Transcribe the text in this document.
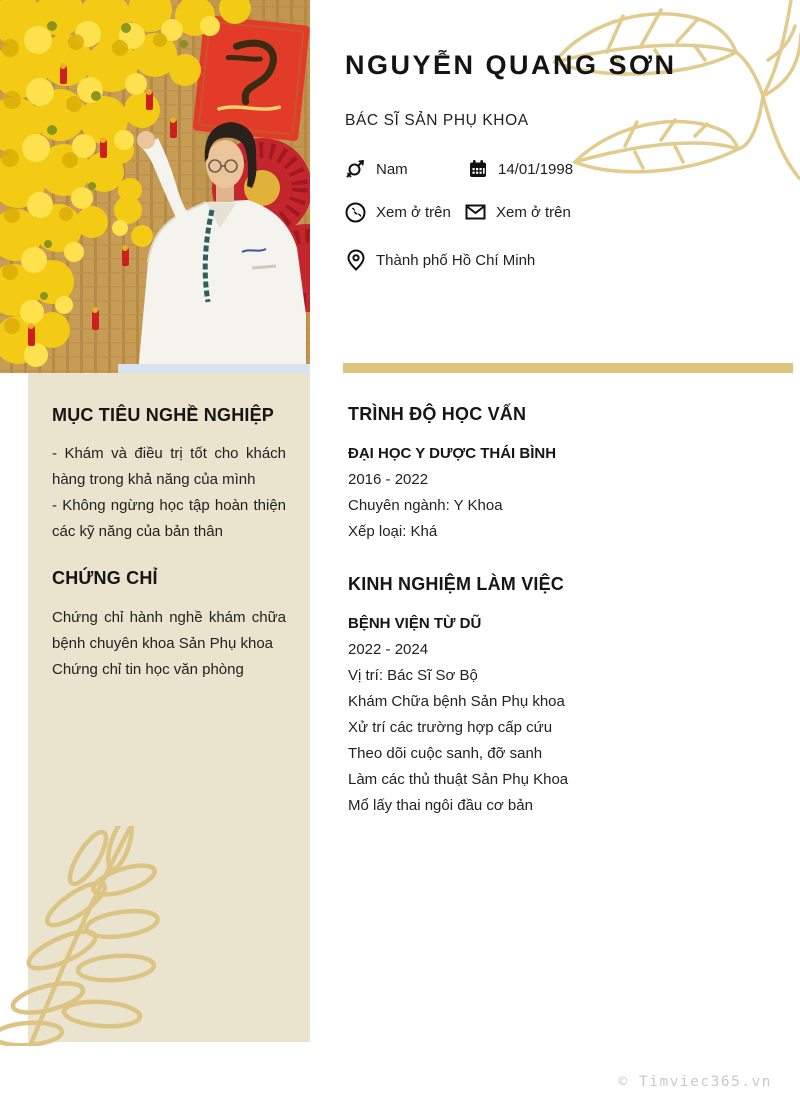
NGUYỄN QUANG SƠN
BÁC SĨ SẢN PHỤ KHOA
Nam	14/01/1998
Xem ở trên	Xem ở trên
Thành phố Hồ Chí Minh
MỤC TIÊU NGHỀ NGHIỆP
- Khám và điều trị tốt cho khách hàng trong khả năng của mình
- Không ngừng học tập hoàn thiện các kỹ năng của bản thân
CHỨNG CHỈ
Chứng chỉ hành nghề khám chữa bệnh chuyên khoa Sản Phụ khoa
Chứng chỉ tin học văn phòng
TRÌNH ĐỘ HỌC VẤN
ĐẠI HỌC Y DƯỢC THÁI BÌNH
2016 - 2022
Chuyên ngành: Y Khoa
Xếp loại: Khá
KINH NGHIỆM LÀM VIỆC
BỆNH VIỆN TỪ DŨ
2022 - 2024
Vị trí: Bác Sĩ Sơ Bộ
Khám Chữa bệnh Sản Phụ khoa
Xử trí các trường hợp cấp cứu
Theo dõi cuộc sanh, đỡ sanh
Làm các thủ thuật Sản Phụ Khoa
Mổ lấy thai ngôi đầu cơ bản
© Timviec365.vn
